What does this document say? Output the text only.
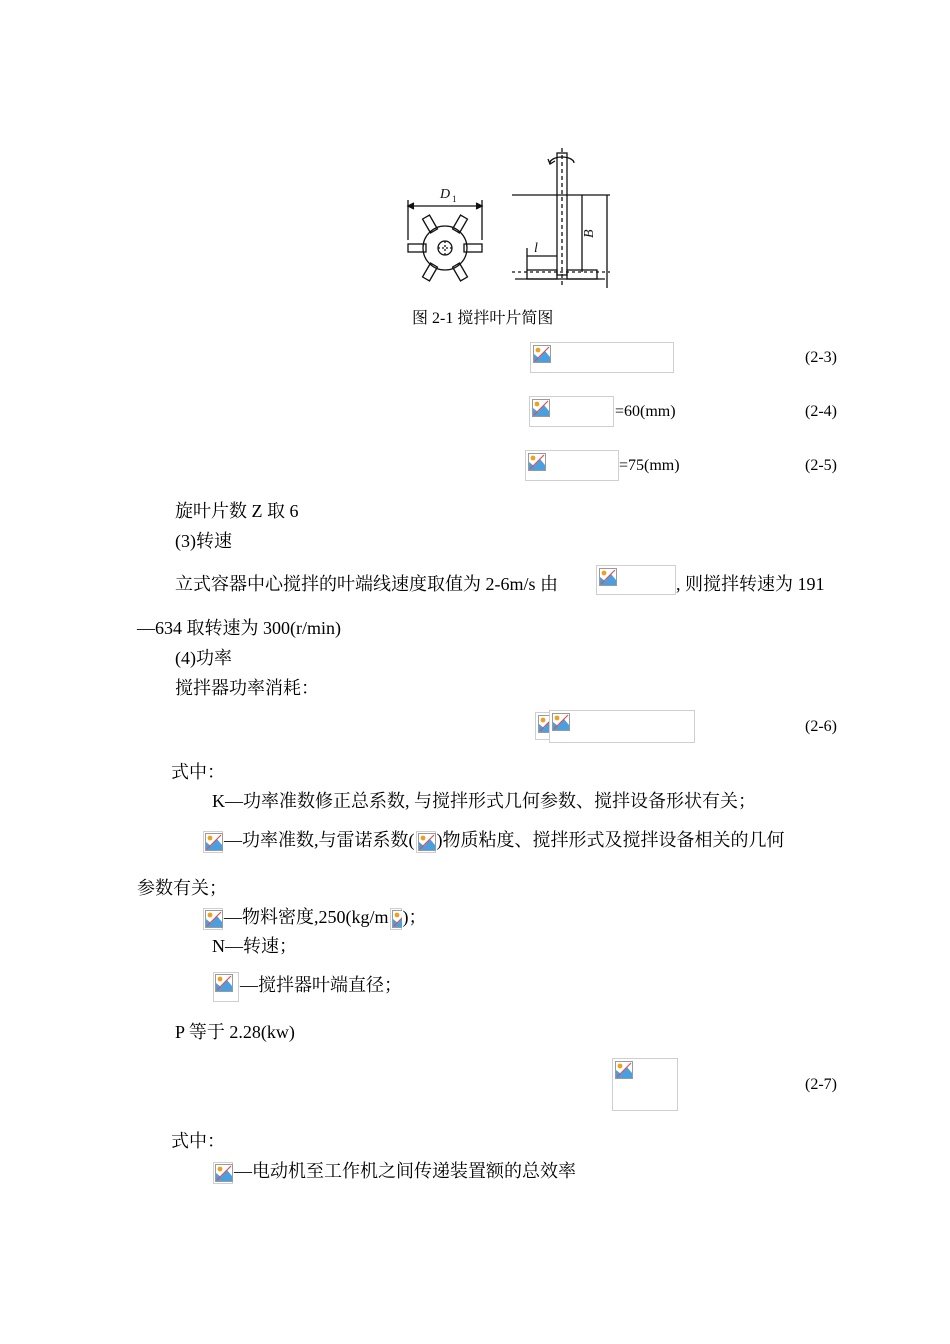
D 1
l
B
图 2-1 搅拌叶片简图
(2-3)
=60(mm)	(2-4)
=75(mm)	(2-5)
旋叶片数 Z 取 6
(3)转速
立式容器中心搅拌的叶端线速度取值为 2-6m/s 由	, 则搅拌转速为 191
—634 取转速为 300(r/min)
(4)功率
搅拌器功率消耗：
(2-6)
式中：
K—功率准数修正总系数, 与搅拌形式几何参数、搅拌设备形状有关；
—功率准数,与雷诺系数( )物质粘度、搅拌形式及搅拌设备相关的几何
参数有关；
—物料密度,250(kg/m )；
N—转速；
—搅拌器叶端直径；
P 等于 2.28(kw)
(2-7)
式中：
—电动机至工作机之间传递装置额的总效率
